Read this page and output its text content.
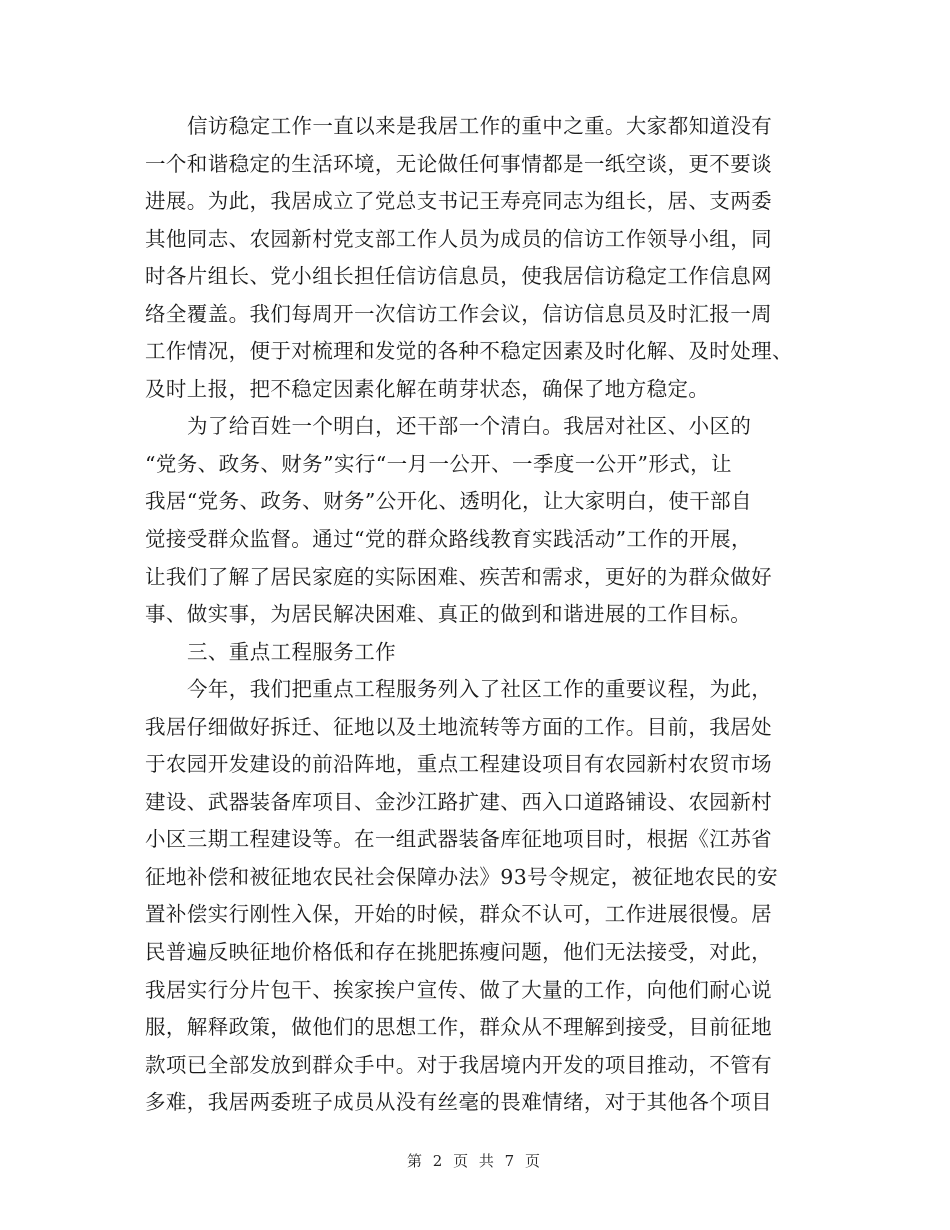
信访稳定工作一直以来是我居工作的重中之重。大家都知道没有
一个和谐稳定的生活环境，无论做任何事情都是一纸空谈，更不要谈
进展。为此，我居成立了党总支书记王寿亮同志为组长，居、支两委
其他同志、农园新村党支部工作人员为成员的信访工作领导小组，同
时各片组长、党小组长担任信访信息员，使我居信访稳定工作信息网
络全覆盖。我们每周开一次信访工作会议，信访信息员及时汇报一周
工作情况，便于对梳理和发觉的各种不稳定因素及时化解、及时处理、
及时上报，把不稳定因素化解在萌芽状态，确保了地方稳定。
为了给百姓一个明白，还干部一个清白。我居对社区、小区的
“党务、政务、财务”实行“一月一公开、一季度一公开”形式，让
我居“党务、政务、财务”公开化、透明化，让大家明白，使干部自
觉接受群众监督。通过“党的群众路线教育实践活动”工作的开展，
让我们了解了居民家庭的实际困难、疾苦和需求，更好的为群众做好
事、做实事，为居民解决困难、真正的做到和谐进展的工作目标。
三、重点工程服务工作
今年，我们把重点工程服务列入了社区工作的重要议程，为此，
我居仔细做好拆迁、征地以及土地流转等方面的工作。目前，我居处
于农园开发建设的前沿阵地，重点工程建设项目有农园新村农贸市场
建设、武器装备库项目、金沙江路扩建、西入口道路铺设、农园新村
小区三期工程建设等。在一组武器装备库征地项目时，根据《江苏省
征地补偿和被征地农民社会保障办法》93号令规定，被征地农民的安
置补偿实行刚性入保，开始的时候，群众不认可，工作进展很慢。居
民普遍反映征地价格低和存在挑肥拣瘦问题，他们无法接受，对此，
我居实行分片包干、挨家挨户宣传、做了大量的工作，向他们耐心说
服，解释政策，做他们的思想工作，群众从不理解到接受，目前征地
款项已全部发放到群众手中。对于我居境内开发的项目推动，不管有
多难，我居两委班子成员从没有丝毫的畏难情绪，对于其他各个项目
第 2 页 共 7 页
